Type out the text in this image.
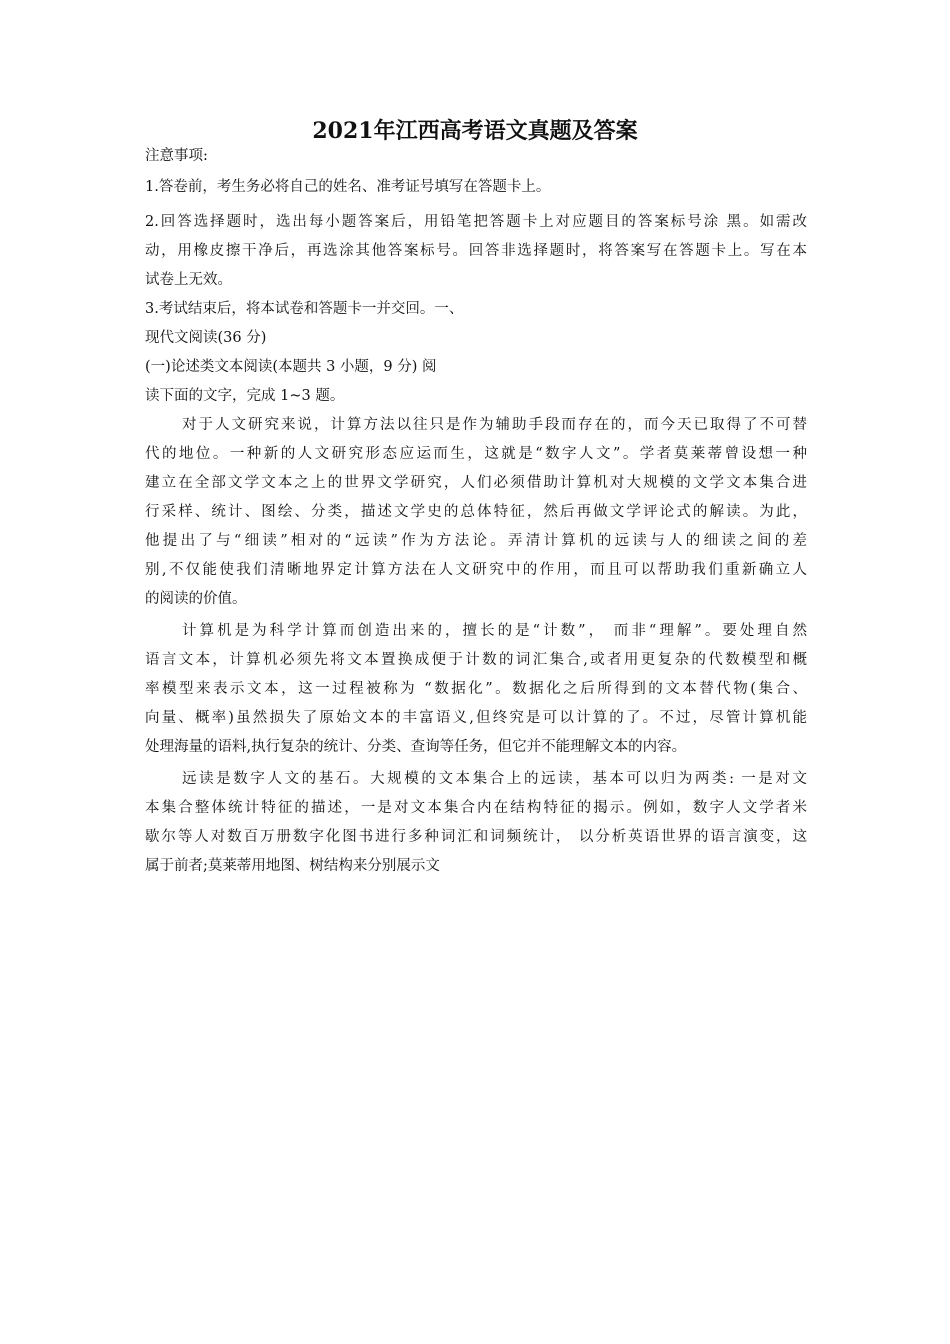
2021年江西高考语文真题及答案
注意事项:
1.答卷前，考生务必将自己的姓名、准考证号填写在答题卡上。
2.回答选择题时，选出每小题答案后，用铅笔把答题卡上对应题目的答案标号涂 黑。如需改
动，用橡皮擦干净后，再选涂其他答案标号。回答非选择题时，将答案写在答题卡上。写在本
试卷上无效。
3.考试结束后，将本试卷和答题卡一并交回。一、
现代文阅读(36 分)
(一)论述类文本阅读(本题共 3 小题，9 分) 阅
读下面的文字，完成 1~3 题。
对于人文研究来说，计算方法以往只是作为辅助手段而存在的，而今天已取得了不可替
代的地位。一种新的人文研究形态应运而生，这就是“数字人文”。学者莫莱蒂曾设想一种
建立在全部文学文本之上的世界文学研究，人们必须借助计算机对大规模的文学文本集合进
行采样、统计、图绘、分类，描述文学史的总体特征，然后再做文学评论式的解读。为此，
他提出了与“细读”相对的“远读”作为方法论。弄清计算机的远读与人的细读之间的差
别,不仅能使我们清晰地界定计算方法在人文研究中的作用，而且可以帮助我们重新确立人
的阅读的价值。
计算机是为科学计算而创造出来的，擅长的是“计数”， 而非“理解”。要处理自然
语言文本，计算机必须先将文本置换成便于计数的词汇集合,或者用更复杂的代数模型和概
率模型来表示文本，这一过程被称为 “数据化”。数据化之后所得到的文本替代物(集合、
向量、概率)虽然损失了原始文本的丰富语义,但终究是可以计算的了。不过，尽管计算机能
处理海量的语料,执行复杂的统计、分类、查询等任务，但它并不能理解文本的内容。
远读是数字人文的基石。大规模的文本集合上的远读，基本可以归为两类: 一是对文
本集合整体统计特征的描述，一是对文本集合内在结构特征的揭示。例如，数字人文学者米
歇尔等人对数百万册数字化图书进行多种词汇和词频统计， 以分析英语世界的语言演变，这
属于前者;莫莱蒂用地图、树结构来分别展示文
